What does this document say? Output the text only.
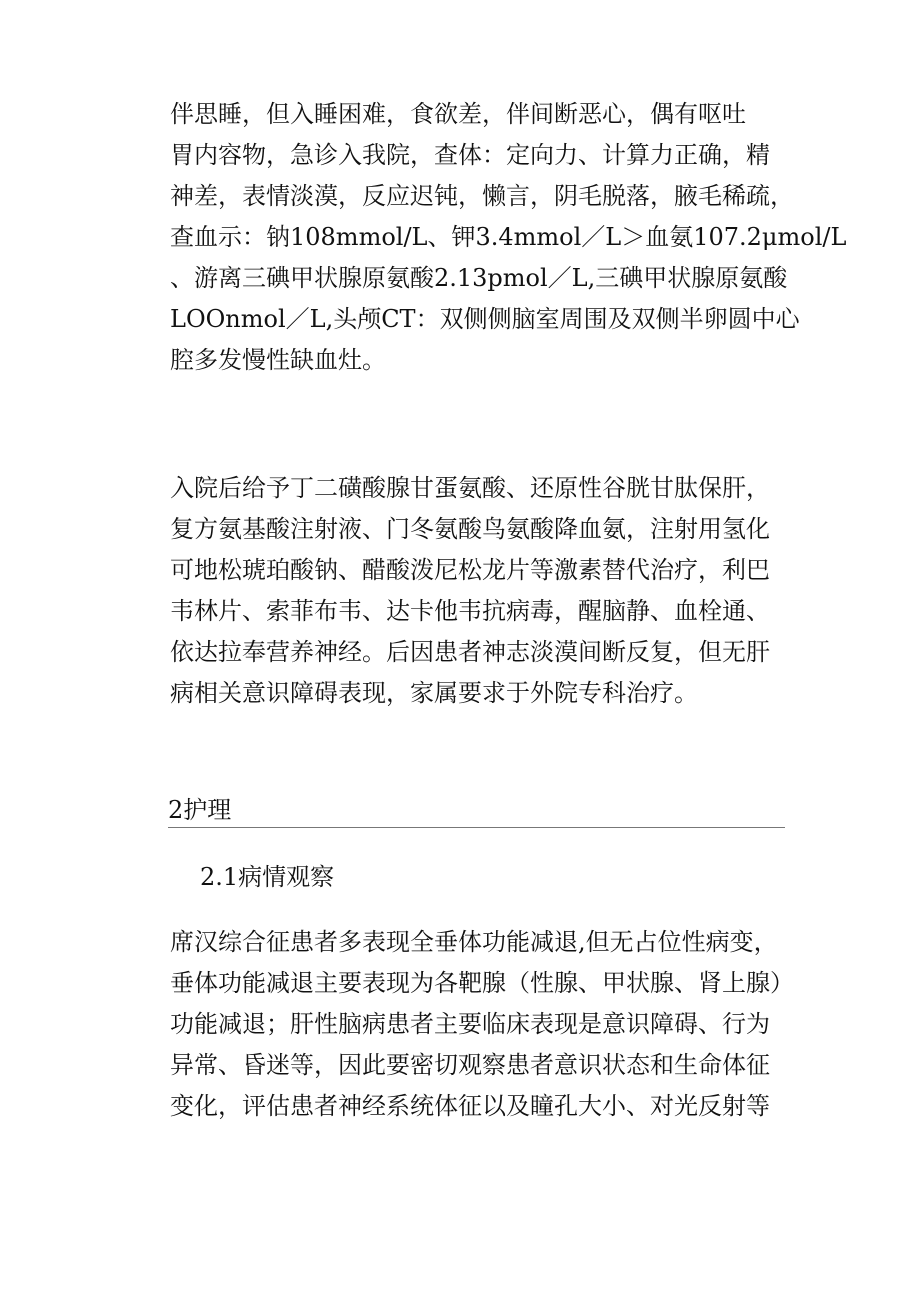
伴思睡，但入睡困难，食欲差，伴间断恶心，偶有呕吐
胃内容物，急诊入我院，查体：定向力、计算力正确，精
神差，表情淡漠，反应迟钝，懒言，阴毛脱落，腋毛稀疏，
查血示：钠108mmol/L、钾3.4mmol／L＞血氨107.2μmol/L
、游离三碘甲状腺原氨酸2.13pmol／L,三碘甲状腺原氨酸
LOOnmol／L,头颅CT：双侧侧脑室周围及双侧半卵圆中心
腔多发慢性缺血灶。

入院后给予丁二磺酸腺甘蛋氨酸、还原性谷胱甘肽保肝，
复方氨基酸注射液、门冬氨酸鸟氨酸降血氨，注射用氢化
可地松琥珀酸钠、醋酸泼尼松龙片等激素替代治疗，利巴
韦林片、索菲布韦、达卡他韦抗病毒，醒脑静、血栓通、
依达拉奉营养神经。后因患者神志淡漠间断反复，但无肝
病相关意识障碍表现，家属要求于外院专科治疗。

2护理
2.1病情观察

席汉综合征患者多表现全垂体功能减退,但无占位性病变，
垂体功能减退主要表现为各靶腺（性腺、甲状腺、肾上腺）
功能减退；肝性脑病患者主要临床表现是意识障碍、行为
异常、昏迷等，因此要密切观察患者意识状态和生命体征
变化，评估患者神经系统体征以及瞳孔大小、对光反射等
